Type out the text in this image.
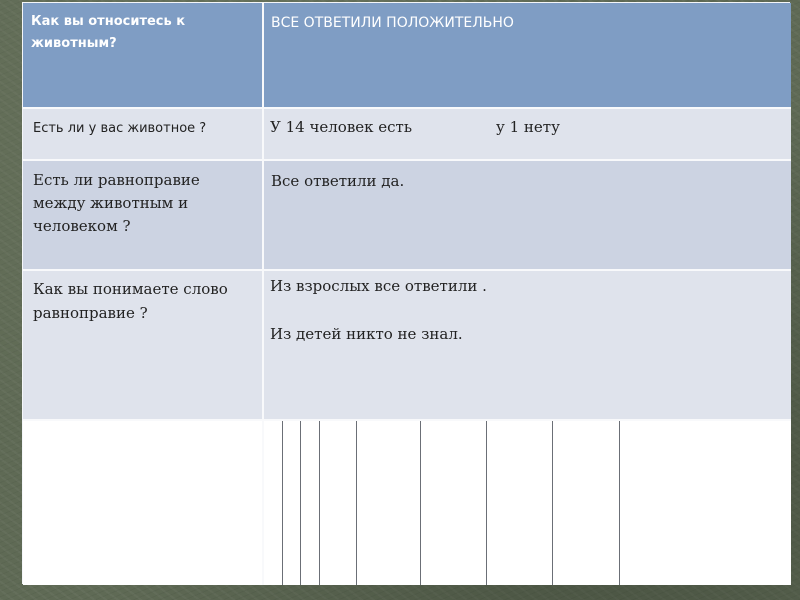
Как вы относитесь к животным?
ВСЕ ОТВЕТИЛИ ПОЛОЖИТЕЛЬНО
Есть ли у вас животное ?	У 14 человек есть	у 1 нету
Есть ли равноправие между животным и человеком ?
Все ответили да.
Как вы понимаете слово равноправие ?
Из взрослых все ответили .
Из детей никто не знал.
